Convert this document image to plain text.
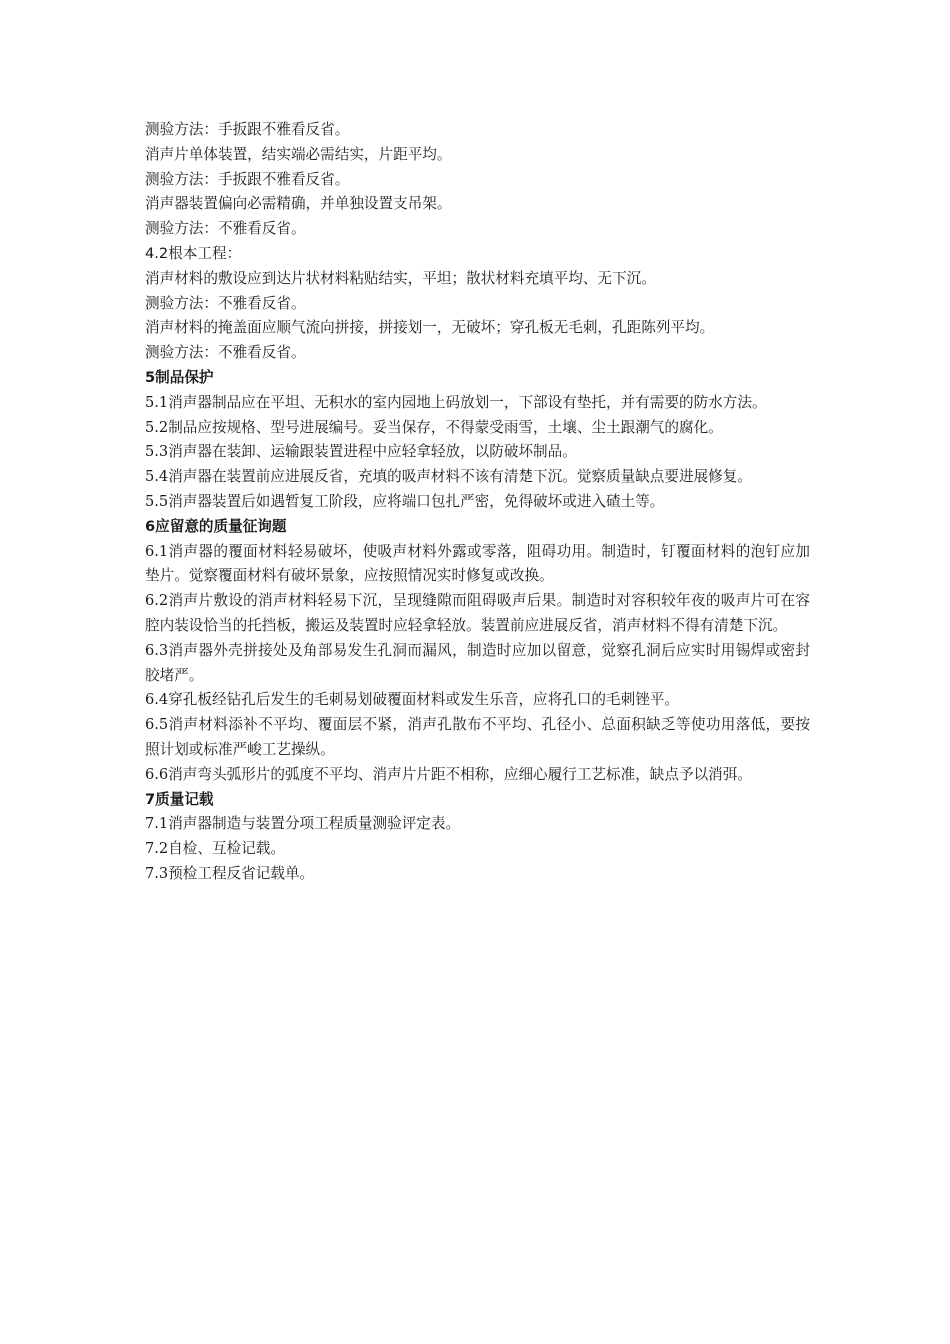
测验方法：手扳跟不雅看反省。
消声片单体装置，结实端必需结实，片距平均。
测验方法：手扳跟不雅看反省。
消声器装置偏向必需精确，并单独设置支吊架。
测验方法：不雅看反省。
4.2根本工程：
消声材料的敷设应到达片状材料粘贴结实，平坦；散状材料充填平均、无下沉。
测验方法：不雅看反省。
消声材料的掩盖面应顺气流向拼接，拼接划一，无破坏；穿孔板无毛刺，孔距陈列平均。
测验方法：不雅看反省。
5制品保护
5.1消声器制品应在平坦、无积水的室内园地上码放划一，下部设有垫托，并有需要的防水方法。
5.2制品应按规格、型号进展编号。妥当保存，不得蒙受雨雪，土壤、尘土跟潮气的腐化。
5.3消声器在装卸、运输跟装置进程中应轻拿轻放，以防破坏制品。
5.4消声器在装置前应进展反省，充填的吸声材料不该有清楚下沉。觉察质量缺点要进展修复。
5.5消声器装置后如遇暂复工阶段，应将端口包扎严密，免得破坏或进入碴土等。
6应留意的质量征询题
6.1消声器的覆面材料轻易破坏，使吸声材料外露或零落，阻碍功用。制造时，钉覆面材料的泡钉应加垫片。觉察覆面材料有破坏景象，应按照情况实时修复或改换。
6.2消声片敷设的消声材料轻易下沉，呈现缝隙而阻碍吸声后果。制造时对容积较年夜的吸声片可在容腔内装设恰当的托挡板，搬运及装置时应轻拿轻放。装置前应进展反省，消声材料不得有清楚下沉。
6.3消声器外壳拼接处及角部易发生孔洞而漏风，制造时应加以留意，觉察孔洞后应实时用锡焊或密封胶堵严。
6.4穿孔板经钻孔后发生的毛刺易划破覆面材料或发生乐音，应将孔口的毛刺锉平。
6.5消声材料添补不平均、覆面层不紧，消声孔散布不平均、孔径小、总面积缺乏等使功用落低，要按照计划或标准严峻工艺操纵。
6.6消声弯头弧形片的弧度不平均、消声片片距不相称，应细心履行工艺标准，缺点予以消弭。
7质量记载
7.1消声器制造与装置分项工程质量测验评定表。
7.2自检、互检记载。
7.3预检工程反省记载单。
